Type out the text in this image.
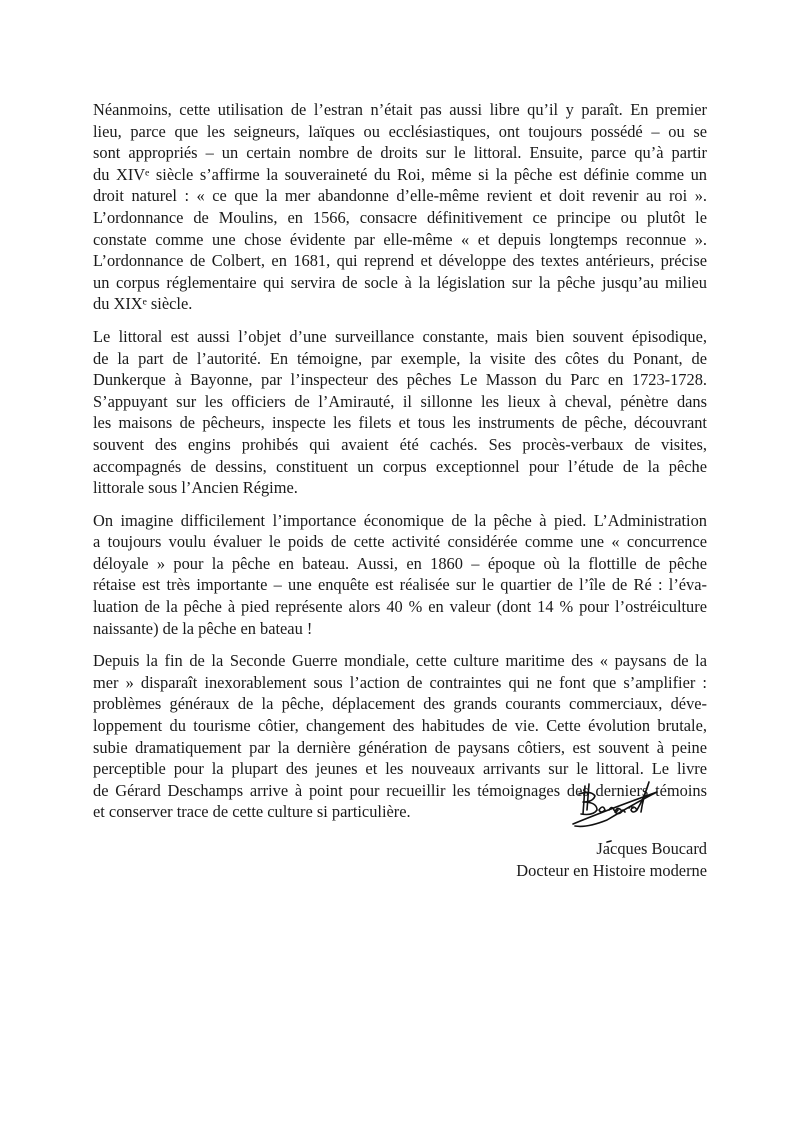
Néanmoins, cette utilisation de l’estran n’était pas aussi libre qu’il y paraît. En premier
lieu, parce que les seigneurs, laïques ou ecclésiastiques, ont toujours possédé – ou se
sont appropriés – un certain nombre de droits sur le littoral. Ensuite, parce qu’à partir
du XIVᵉ siècle s’affirme la souveraineté du Roi, même si la pêche est définie comme un
droit naturel : « ce que la mer abandonne d’elle-même revient et doit revenir au roi ».
L’ordonnance de Moulins, en 1566, consacre définitivement ce principe ou plutôt le
constate comme une chose évidente par elle-même « et depuis longtemps reconnue ».
L’ordonnance de Colbert, en 1681, qui reprend et développe des textes antérieurs, précise
un corpus réglementaire qui servira de socle à la législation sur la pêche jusqu’au milieu
du XIXᵉ siècle.
Le littoral est aussi l’objet d’une surveillance constante, mais bien souvent épisodique,
de la part de l’autorité. En témoigne, par exemple, la visite des côtes du Ponant, de
Dunkerque à Bayonne, par l’inspecteur des pêches Le Masson du Parc en 1723-1728.
S’appuyant sur les officiers de l’Amirauté, il sillonne les lieux à cheval, pénètre dans
les maisons de pêcheurs, inspecte les filets et tous les instruments de pêche, découvrant
souvent des engins prohibés qui avaient été cachés. Ses procès-verbaux de visites,
accompagnés de dessins, constituent un corpus exceptionnel pour l’étude de la pêche
littorale sous l’Ancien Régime.
On imagine difficilement l’importance économique de la pêche à pied. L’Administration
a toujours voulu évaluer le poids de cette activité considérée comme une « concurrence
déloyale » pour la pêche en bateau. Aussi, en 1860 – époque où la flottille de pêche
rétaise est très importante – une enquête est réalisée sur le quartier de l’île de Ré : l’éva-
luation de la pêche à pied représente alors 40 % en valeur (dont 14 % pour l’ostréiculture
naissante) de la pêche en bateau !
Depuis la fin de la Seconde Guerre mondiale, cette culture maritime des « paysans de la
mer » disparaît inexorablement sous l’action de contraintes qui ne font que s’amplifier :
problèmes généraux de la pêche, déplacement des grands courants commerciaux, déve-
loppement du tourisme côtier, changement des habitudes de vie. Cette évolution brutale,
subie dramatiquement par la dernière génération de paysans côtiers, est souvent à peine
perceptible pour la plupart des jeunes et les nouveaux arrivants sur le littoral. Le livre
de Gérard Deschamps arrive à point pour recueillir les témoignages des derniers témoins
et conserver trace de cette culture si particulière.
Jacques Boucard
Docteur en Histoire moderne
